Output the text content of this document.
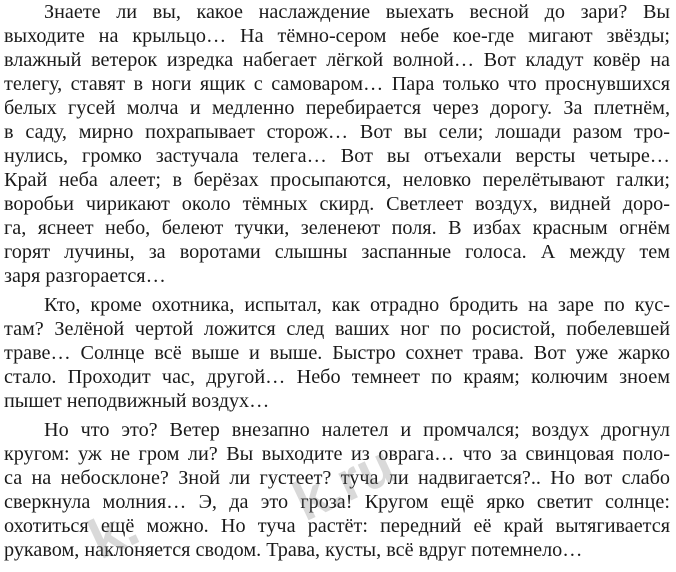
Знаете ли вы, какое наслаждение выехать весной до зари? Вы
выходите на крыльцо… На тёмно-сером небе кое-где мигают звёзды;
влажный ветерок изредка набегает лёгкой волной… Вот кладут ковёр на
телегу, ставят в ноги ящик с самоваром… Пара только что проснувшихся
белых гусей молча и медленно перебирается через дорогу. За плетнём,
в саду, мирно похрапывает сторож… Вот вы сели; лошади разом тро-
нулись, громко застучала телега… Вот вы отъехали версты четыре…
Край неба алеет; в берёзах просыпаются, неловко перелётывают галки;
воробьи чирикают около тёмных скирд. Светлеет воздух, видней доро-
га, яснеет небо, белеют тучки, зеленеют поля. В избах красным огнём
горят лучины, за воротами слышны заспанные голоса. А между тем
заря разгорается…
Кто, кроме охотника, испытал, как отрадно бродить на заре по кус-
там? Зелёной чертой ложится след ваших ног по росистой, побелевшей
траве… Солнце всё выше и выше. Быстро сохнет трава. Вот уже жарко
стало. Проходит час, другой… Небо темнеет по краям; колючим зноем
пышет неподвижный воздух…
Но что это? Ветер внезапно налетел и промчался; воздух дрогнул
кругом: уж не гром ли? Вы выходите из оврага… что за свинцовая поло-
са на небосклоне? Зной ли густеет? туча ли надвигается?.. Но вот слабо
сверкнула молния… Э, да это гроза! Кругом ещё ярко светит солнце:
охотиться ещё можно. Но туча растёт: передний её край вытягивается
рукавом, наклоняется сводом. Трава, кусты, всё вдруг потемнело…
k.ru
k.
